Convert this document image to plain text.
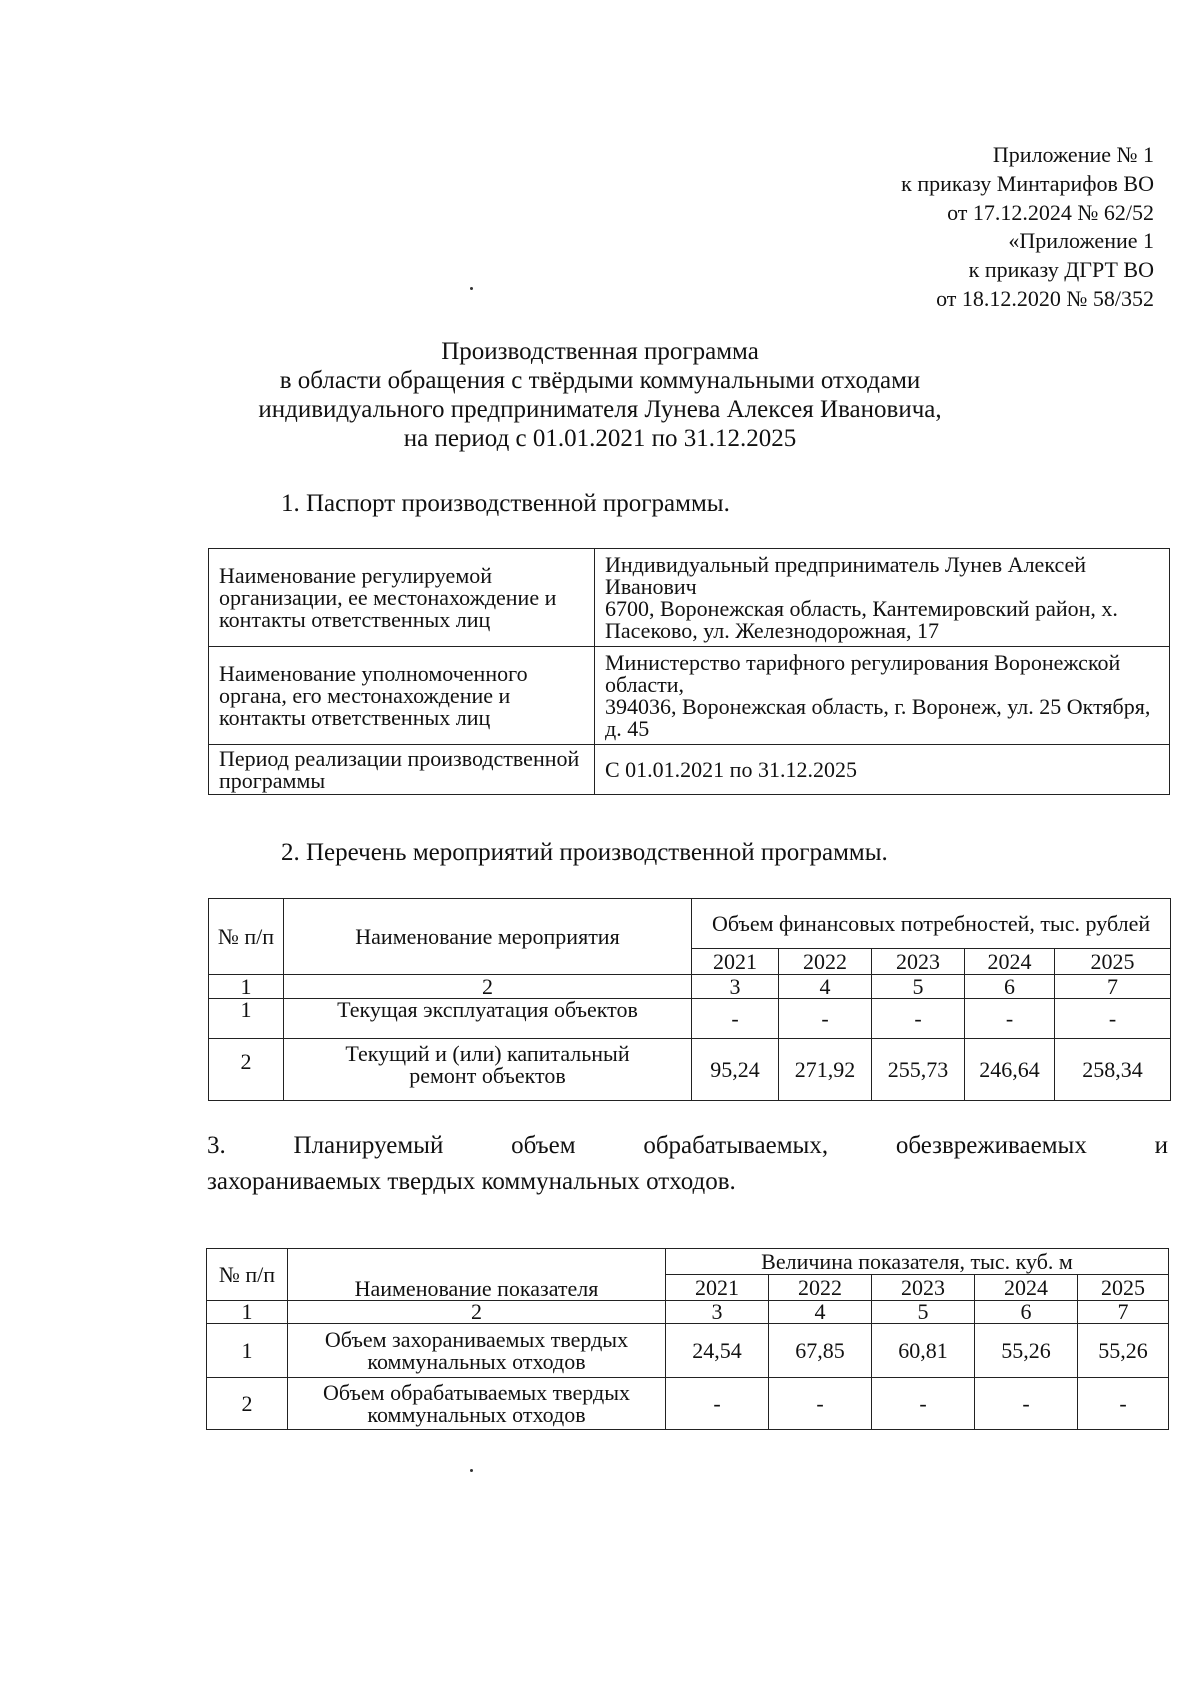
Приложение № 1
к приказу Минтарифов ВО
от 17.12.2024 № 62/52
«Приложение 1
к приказу ДГРТ ВО
от 18.12.2020 № 58/352
Производственная программа
в области обращения с твёрдыми коммунальными отходами
индивидуального предпринимателя Лунева Алексея Ивановича,
на период с 01.01.2021 по 31.12.2025
1. Паспорт производственной программы.
Наименование регулируемой организации, ее местонахождение и контакты ответственных лиц	Индивидуальный предприниматель Лунев Алексей Иванович
6700, Воронежская область, Кантемировский район, х. Пасеково, ул. Железнодорожная, 17

Наименование уполномоченного органа, его местонахождение и контакты ответственных лиц	Министерство тарифного регулирования Воронежской области,
394036, Воронежская область, г. Воронеж, ул. 25 Октября, д. 45

Период реализации производственной программы	С 01.01.2021 по 31.12.2025
2. Перечень мероприятий производственной программы.
№ п/п	Наименование мероприятия	Объем финансовых потребностей, тыс. рублей				
		2021	2022	2023	2024	2025
1	2	3	4	5	6	7
1	Текущая эксплуатация объектов	-	-	-	-	-
2	Текущий и (или) капитальный ремонт объектов	95,24	271,92	255,73	246,64	258,34
3. Планируемый объем обрабатываемых, обезвреживаемых и
захораниваемых твердых коммунальных отходов.
№ п/п	Наименование показателя	Величина показателя, тыс. куб. м				
		2021	2022	2023	2024	2025
1	2	3	4	5	6	7
1	Объем захораниваемых твердых коммунальных отходов	24,54	67,85	60,81	55,26	55,26
2	Объем обрабатываемых твердых коммунальных отходов	-	-	-	-	-
